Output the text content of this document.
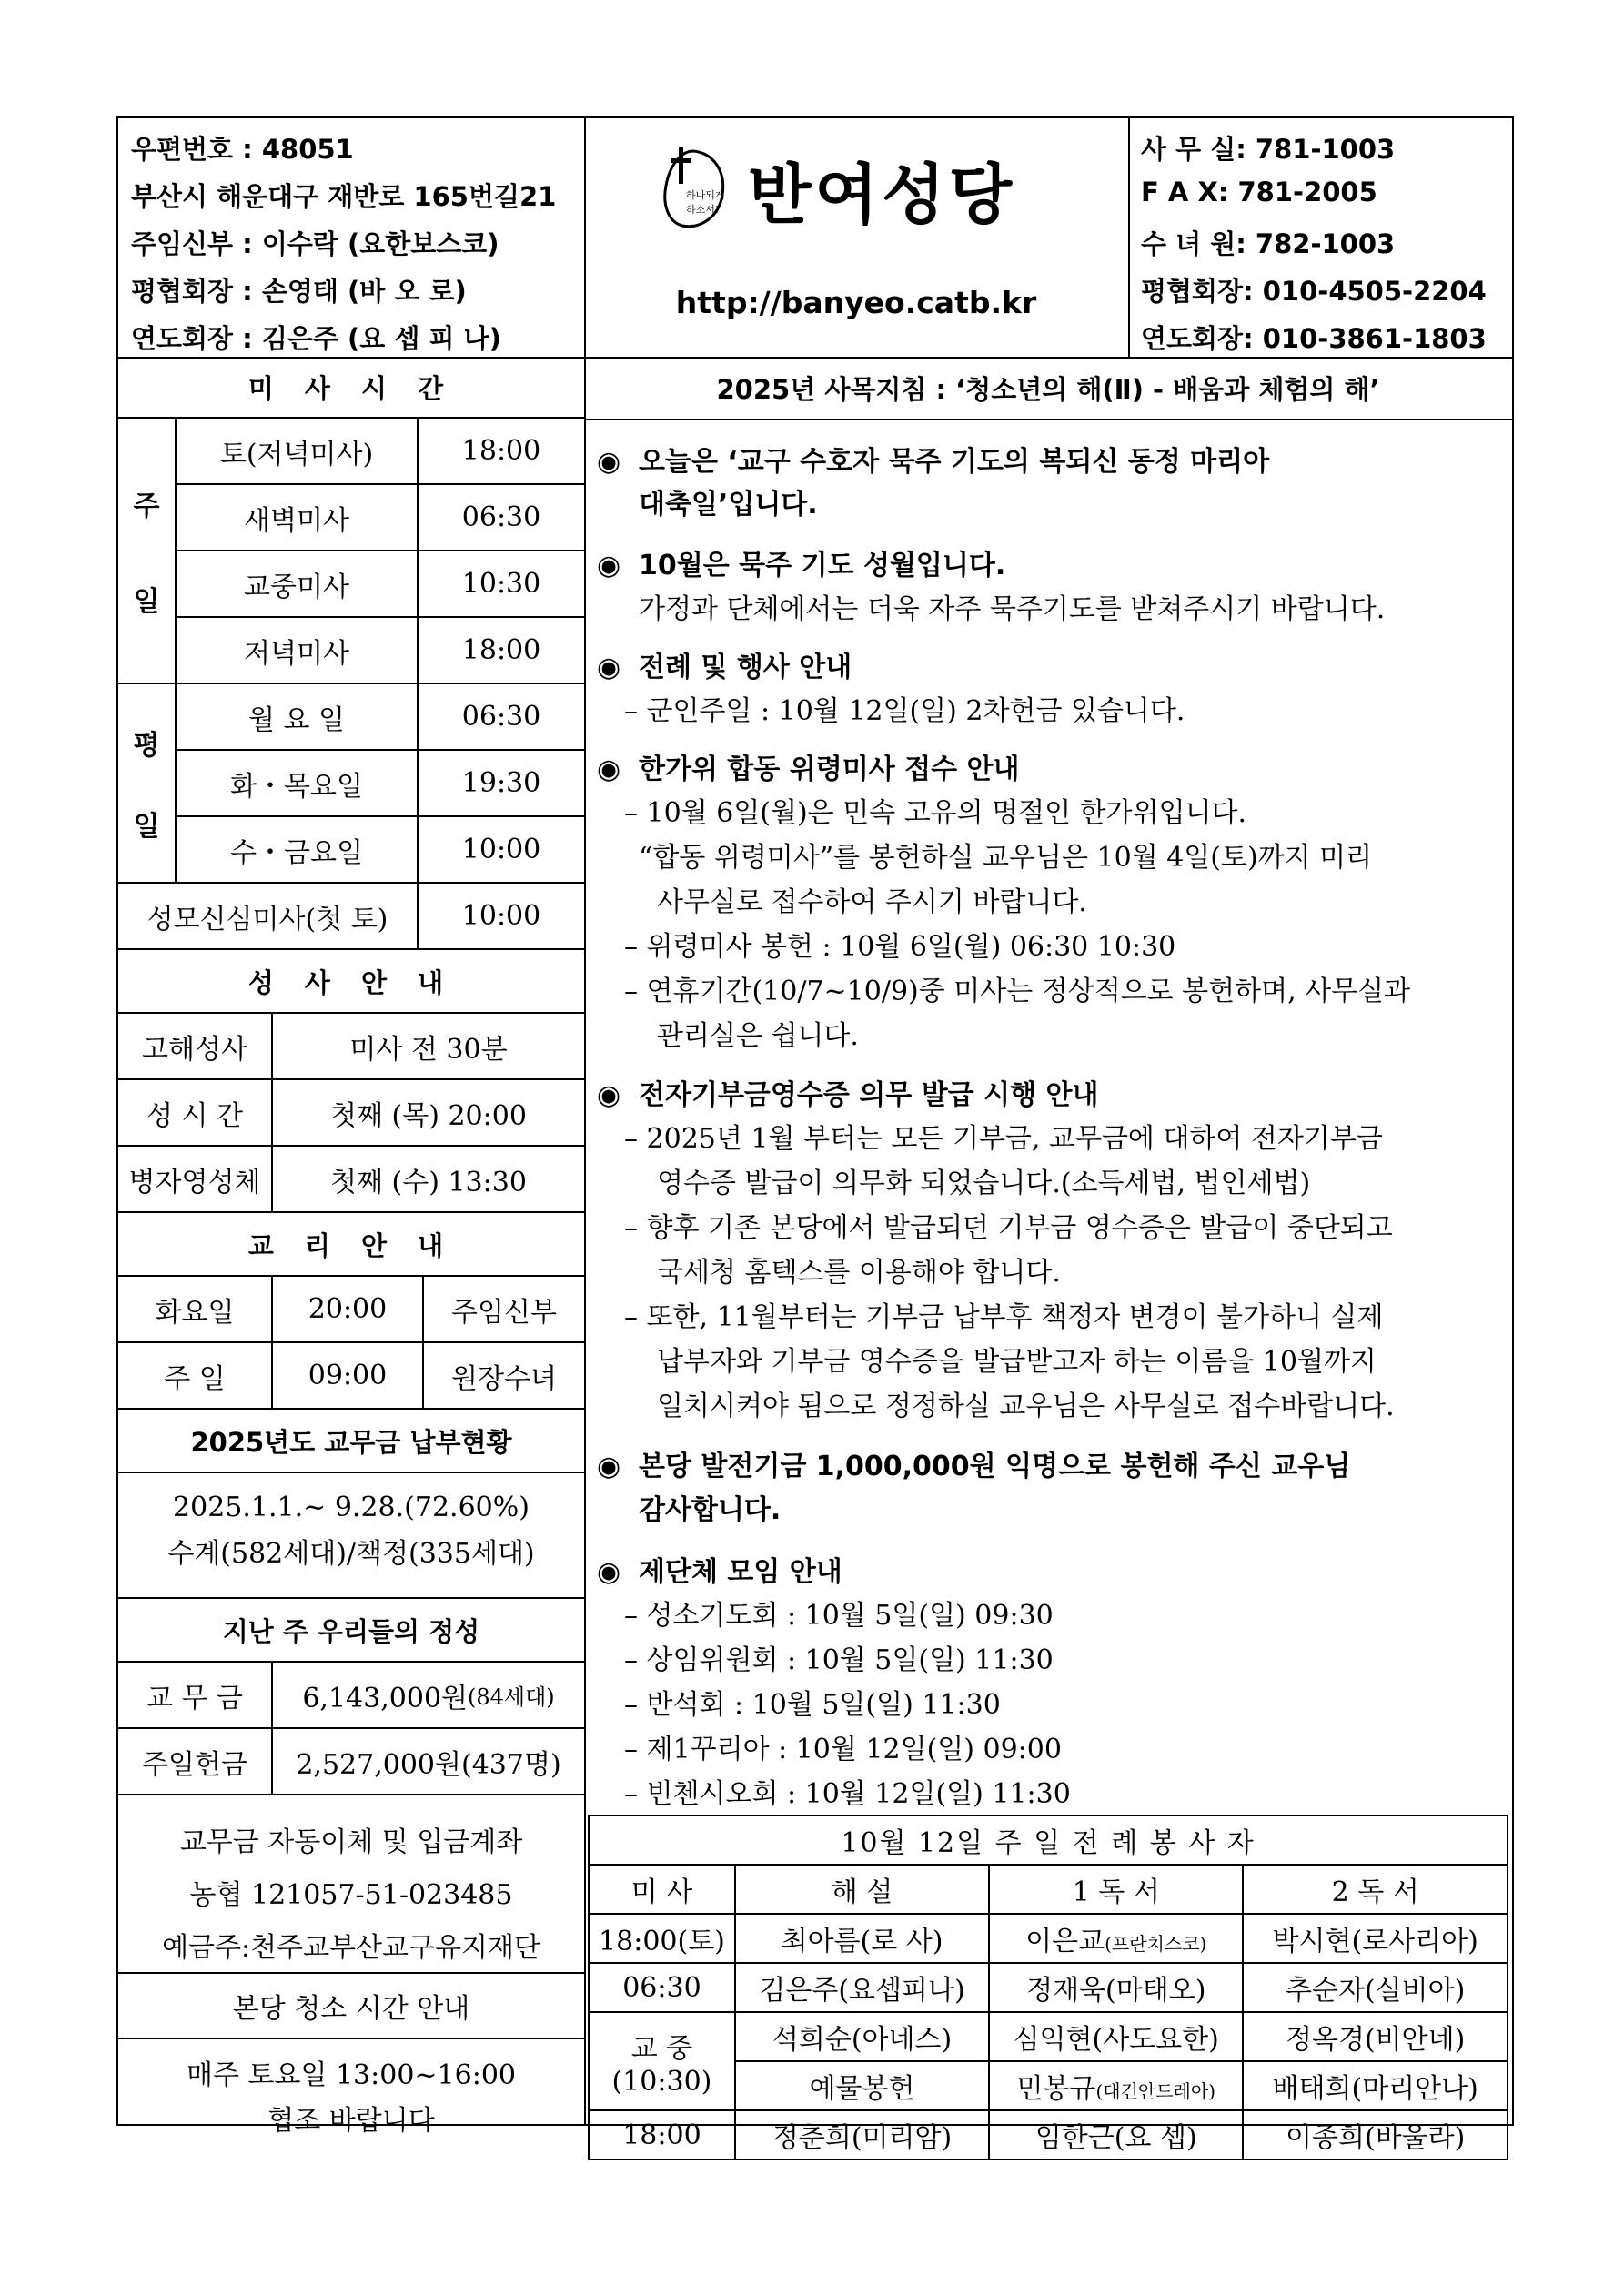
우편번호 : 48051
부산시 해운대구 재반로 165번길21
주임신부 : 이수락 (요한보스코)
평협회장 : 손영태 (바 오 로)
연도회장 : 김은주 (요 셉 피 나)
하나되게
하소서! 반여성당
http://banyeo.catb.kr
사 무 실: 781-1003
F A X: 781-2005
수 녀 원: 782-1003
평협회장: 010-4505-2204
연도회장: 010-3861-1803
미 사 시 간
주
일
토(저녁미사)	18:00
새벽미사	06:30
교중미사	10:30
저녁미사	18:00
평
일
월 요 일	06:30
화・목요일	19:30
수・금요일	10:00
성모신심미사(첫 토)	10:00
성 사 안 내
고해성사	미사 전 30분
성 시 간	첫째 (목) 20:00
병자영성체	첫째 (수) 13:30
교 리 안 내
화요일	20:00	주임신부
주 일	09:00	원장수녀
2025년도 교무금 납부현황
2025.1.1.~ 9.28.(72.60%)
수계(582세대)/책정(335세대)
지난 주 우리들의 정성
교 무 금	6,143,000원 (84세대)
주일헌금	2,527,000원 (437명)
교무금 자동이체 및 입금계좌
농협 121057-51-023485
예금주:천주교부산교구유지재단
본당 청소 시간 안내
매주 토요일 13:00~16:00
협조 바랍니다
2025년 사목지침 : ‘청소년의 해(Ⅱ) - 배움과 체험의 해’
◉ 오늘은 ‘교구 수호자 묵주 기도의 복되신 동정 마리아
대축일’입니다.
◉ 10월은 묵주 기도 성월입니다.
가정과 단체에서는 더욱 자주 묵주기도를 받쳐주시기 바랍니다.
◉ 전례 및 행사 안내
– 군인주일 : 10월 12일(일) 2차헌금 있습니다.
◉ 한가위 합동 위령미사 접수 안내
– 10월 6일(월)은 민속 고유의 명절인 한가위입니다.
“합동 위령미사”를 봉헌하실 교우님은 10월 4일(토)까지 미리
사무실로 접수하여 주시기 바랍니다.
– 위령미사 봉헌 : 10월 6일(월) 06:30 10:30
– 연휴기간(10/7~10/9)중 미사는 정상적으로 봉헌하며, 사무실과
관리실은 쉽니다.
◉ 전자기부금영수증 의무 발급 시행 안내
– 2025년 1월 부터는 모든 기부금, 교무금에 대하여 전자기부금
영수증 발급이 의무화 되었습니다.(소득세법, 법인세법)
– 향후 기존 본당에서 발급되던 기부금 영수증은 발급이 중단되고
국세청 홈텍스를 이용해야 합니다.
– 또한, 11월부터는 기부금 납부후 책정자 변경이 불가하니 실제
납부자와 기부금 영수증을 발급받고자 하는 이름을 10월까지
일치시켜야 됨으로 정정하실 교우님은 사무실로 접수바랍니다.
◉ 본당 발전기금 1,000,000원 익명으로 봉헌해 주신 교우님
감사합니다.
◉ 제단체 모임 안내
– 성소기도회 : 10월 5일(일) 09:30
– 상임위원회 : 10월 5일(일) 11:30
– 반석회 : 10월 5일(일) 11:30
– 제1꾸리아 : 10월 12일(일) 09:00
– 빈첸시오회 : 10월 12일(일) 11:30
10월 12일 주 일 전 례 봉 사 자			
미 사	해 설	1 독 서	2 독 서
18:00(토)	최아름(로 사)	이은교(프란치스코)	박시현(로사리아)
06:30	김은주(요셉피나)	정재욱(마태오)	추순자(실비아)

교 중
(10:30)	석희순(아네스)	심익현(사도요한)	정옥경(비안네)
	예물봉헌	민봉규(대건안드레아)	배태희(마리안나)
18:00	정춘희(미리암)	임한근(요 셉)	이종희(바울라)
